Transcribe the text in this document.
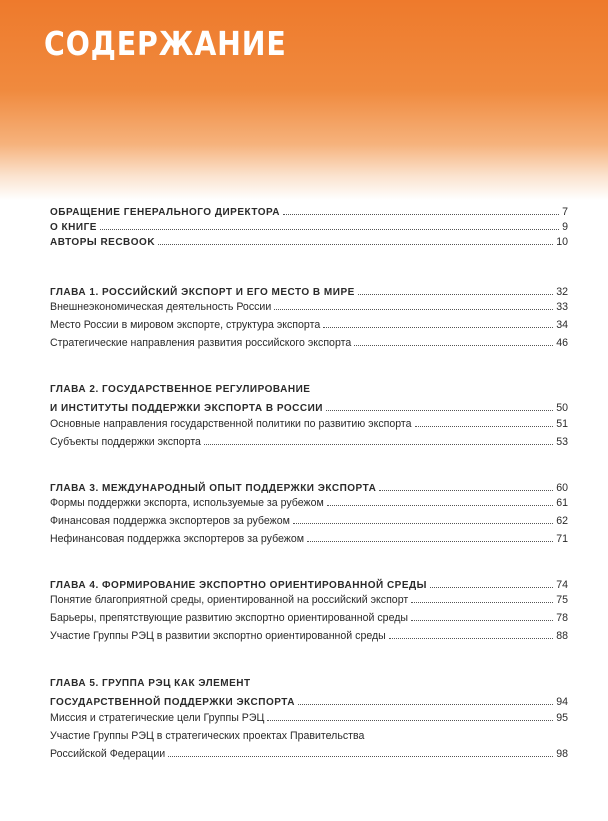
СОДЕРЖАНИЕ
ОБРАЩЕНИЕ ГЕНЕРАЛЬНОГО ДИРЕКТОРА	7
О КНИГЕ	9
АВТОРЫ RECBOOK	10
ГЛАВА 1. РОССИЙСКИЙ ЭКСПОРТ И ЕГО МЕСТО В МИРЕ	32
Внешнеэкономическая деятельность России	33
Место России в мировом экспорте, структура экспорта	34
Стратегические направления развития российского экспорта	46
ГЛАВА 2. ГОСУДАРСТВЕННОЕ РЕГУЛИРОВАНИЕ
И ИНСТИТУТЫ ПОДДЕРЖКИ ЭКСПОРТА В РОССИИ	50
Основные направления государственной политики по развитию экспорта	51
Субъекты поддержки экспорта	53
ГЛАВА 3. МЕЖДУНАРОДНЫЙ ОПЫТ ПОДДЕРЖКИ ЭКСПОРТА	60
Формы поддержки экспорта, используемые за рубежом	61
Финансовая поддержка экспортеров за рубежом	62
Нефинансовая поддержка экспортеров за рубежом	71
ГЛАВА 4. ФОРМИРОВАНИЕ ЭКСПОРТНО ОРИЕНТИРОВАННОЙ СРЕДЫ	74
Понятие благоприятной среды, ориентированной на российский экспорт	75
Барьеры, препятствующие развитию экспортно ориентированной среды	78
Участие Группы РЭЦ в развитии экспортно ориентированной среды	88
ГЛАВА 5. ГРУППА РЭЦ КАК ЭЛЕМЕНТ
ГОСУДАРСТВЕННОЙ ПОДДЕРЖКИ ЭКСПОРТА	94
Миссия и стратегические цели Группы РЭЦ	95
Участие Группы РЭЦ в стратегических проектах Правительства
Российской Федерации	98
